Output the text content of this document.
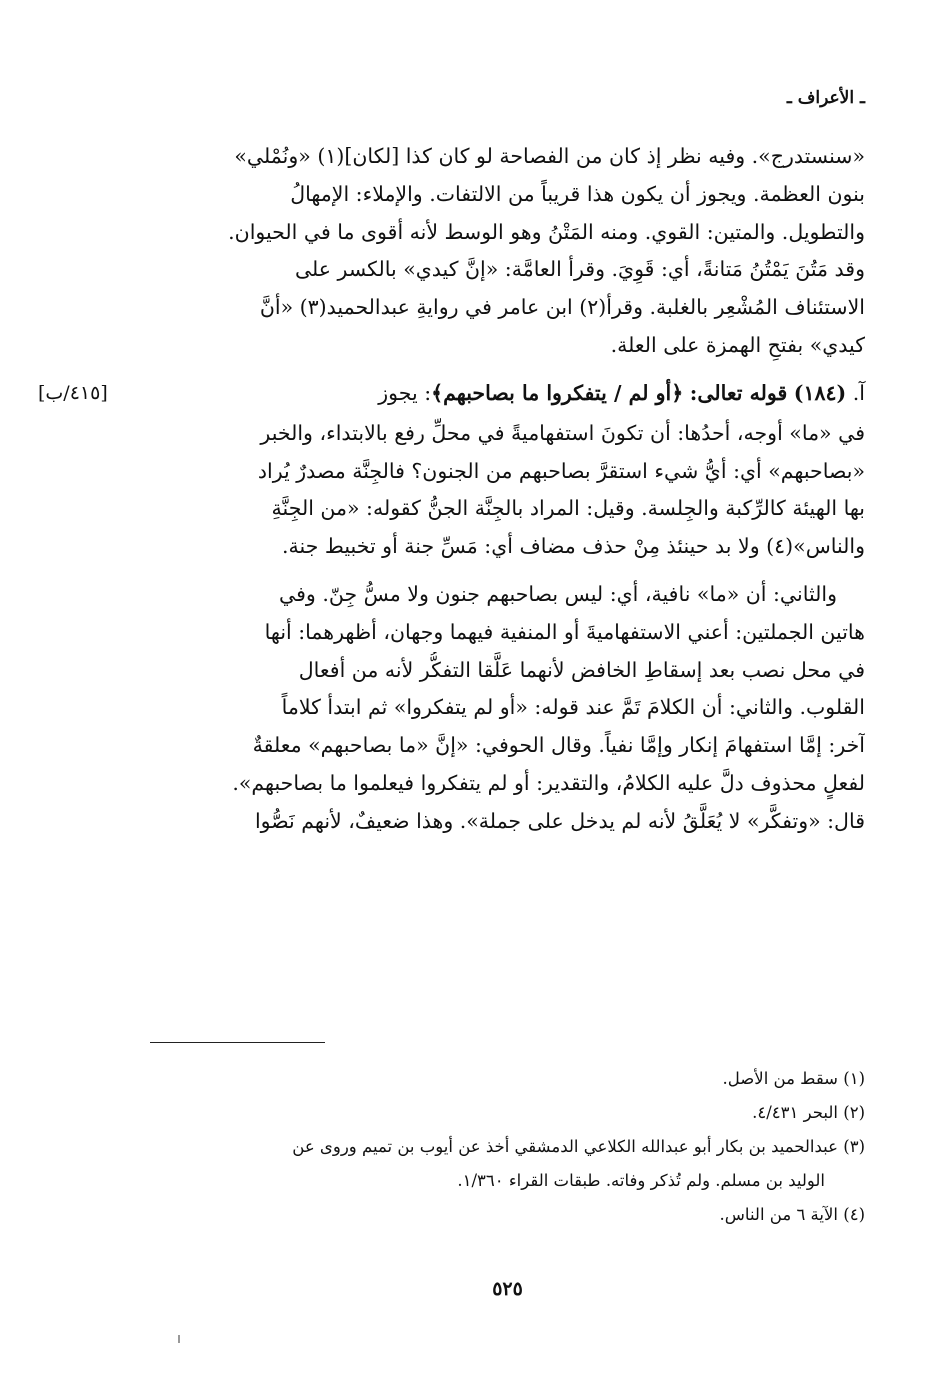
ـ الأعراف ـ
«سنستدرج». وفيه نظر إذ كان من الفصاحة لو كان كذا [لكان](١) «ونُمْلي»
بنون العظمة. ويجوز أن يكون هذا قريباً من الالتفات. والإملاء: الإمهالُ
والتطويل. والمتين: القوي. ومنه المَتْنُ وهو الوسط لأنه أقوى ما في الحيوان.
وقد مَتُنَ يَمْتُنُ مَتانةً، أي: قَوِيَ. وقرأ العامَّة: «إنَّ كيدي» بالكسر على
الاستئناف المُشْعِر بالغلبة. وقرأ(٢) ابن عامر في روايةِ عبدالحميد(٣) «أنَّ
كيدي» بفتحِ الهمزة على العلة.
آ. (١٨٤) قوله تعالى: ﴿أو لم / يتفكروا ما بصاحبهم﴾: يجوز
[٤١٥/ب]
في «ما» أوجه، أحدُها: أن تكونَ استفهاميةً في محلِّ رفع بالابتداء، والخبر
«بصاحبهم» أي: أيُّ شيء استقرَّ بصاحبهم من الجنون؟ فالجِنَّة مصدرٌ يُراد
بها الهيئة كالرِّكبة والجِلسة. وقيل: المراد بالجِنَّة الجنُّ كقوله: «من الجِنَّةِ
والناس»(٤) ولا بد حينئذ مِنْ حذف مضاف أي: مَسِّ جنة أو تخبيط جنة.
والثاني: أن «ما» نافية، أي: ليس بصاحبهم جنون ولا مسُّ جِنّ. وفي
هاتين الجملتين: أعني الاستفهاميةَ أو المنفية فيهما وجهان، أظهرهما: أنها
في محل نصب بعد إسقاطِ الخافض لأنهما عَلَّقا التفكُّر لأنه من أفعال
القلوب. والثاني: أن الكلامَ تَمَّ عند قوله: «أو لم يتفكروا» ثم ابتدأ كلاماً
آخر: إمَّا استفهامَ إنكار وإمَّا نفياً. وقال الحوفي: «إنَّ «ما بصاحبهم» معلقةٌ
لفعلٍ محذوف دلَّ عليه الكلامُ، والتقدير: أو لم يتفكروا فيعلموا ما بصاحبهم».
قال: «وتفكَّر» لا يُعَلَّقُ لأنه لم يدخل على جملة». وهذا ضعيفٌ، لأنهم نَصُّوا
(١) سقط من الأصل.
(٢) البحر ٤/٤٣١.
(٣) عبدالحميد بن بكار أبو عبدالله الكلاعي الدمشقي أخذ عن أيوب بن تميم وروى عن
الوليد بن مسلم. ولم تُذكر وفاته. طبقات القراء ١/٣٦٠.
(٤) الآية ٦ من الناس.
٥٢٥
